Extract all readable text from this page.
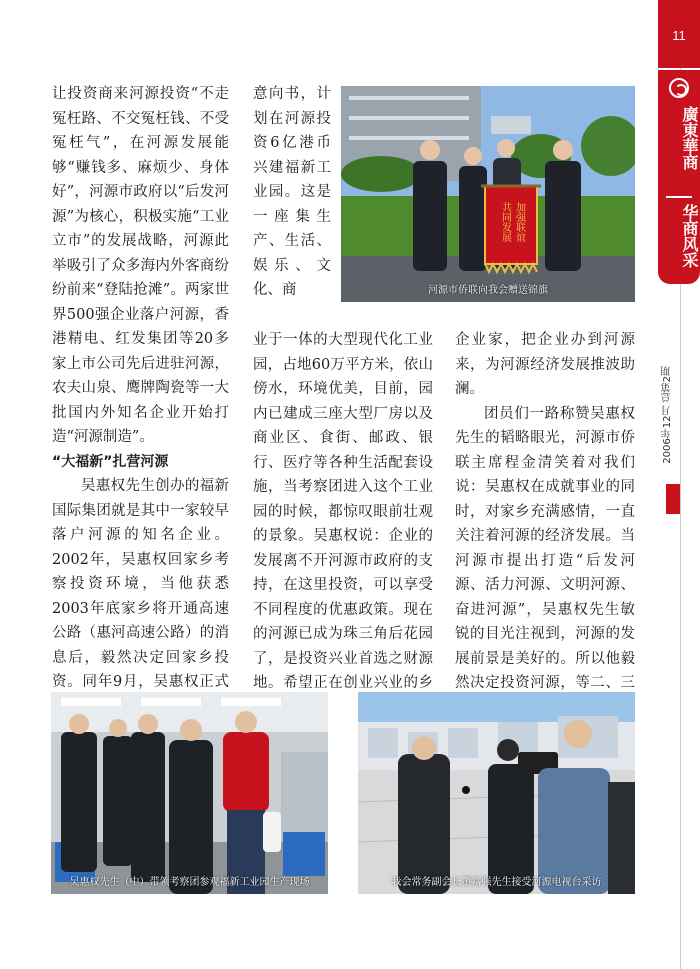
11
廣東華商
华商风采
2006年12月 总第2期

让投资商来河源投资“不走冤枉路、不交冤枉钱、不受冤枉气”，在河源发展能够“赚钱多、麻烦少、身体好”，河源市政府以“后发河源”为核心，积极实施“工业立市”的发展战略，河源此举吸引了众多海内外客商纷纷前来“登陆抢滩”。两家世界500强企业落户河源，香港精电、红发集团等20多家上市公司先后进驻河源，农夫山泉、鹰牌陶瓷等一大批国内外知名企业开始打造“河源制造”。

“大福新”扎营河源

吴惠权先生创办的福新国际集团就是其中一家较早落户河源的知名企业。2002年，吴惠权回家乡考察投资环境，当他获悉2003年底家乡将开通高速公路（惠河高速公路）的消息后，毅然决定回家乡投资。同年9月，吴惠权正式

意向书，计划在河源投资6亿港币兴建福新工业园。这是一座集生产、生活、娱乐、文化、商

业于一体的大型现代化工业园，占地60万平方米，依山傍水，环境优美，目前，园内已建成三座大型厂房以及商业区、食街、邮政、银行、医疗等各种生活配套设施，当考察团进入这个工业园的时候，都惊叹眼前壮观的景象。吴惠权说：企业的发展离不开河源市政府的支持，在这里投资，可以享受不同程度的优惠政策。现在的河源已成为珠三角后花园了，是投资兴业首选之财源地。希望正在创业兴业的乡

企业家，把企业办到河源来，为河源经济发展推波助澜。

团员们一路称赞吴惠权先生的韬略眼光，河源市侨联主席程金清笑着对我们说：吴惠权在成就事业的同时，对家乡充满感情，一直关注着河源的经济发展。当河源市提出打造“后发河源、活力河源、文明河源、奋进河源”，吴惠权先生敏锐的目光注视到，河源的发展前景是美好的。所以他毅然决定投资河源，等二、三

加强联谊
共同发展
河源市侨联向我会赠送锦旗
吴惠权先生（中）带领考察团参观福新工业园生产现场	我会常务副会长董富强先生接受河源电视台采访
